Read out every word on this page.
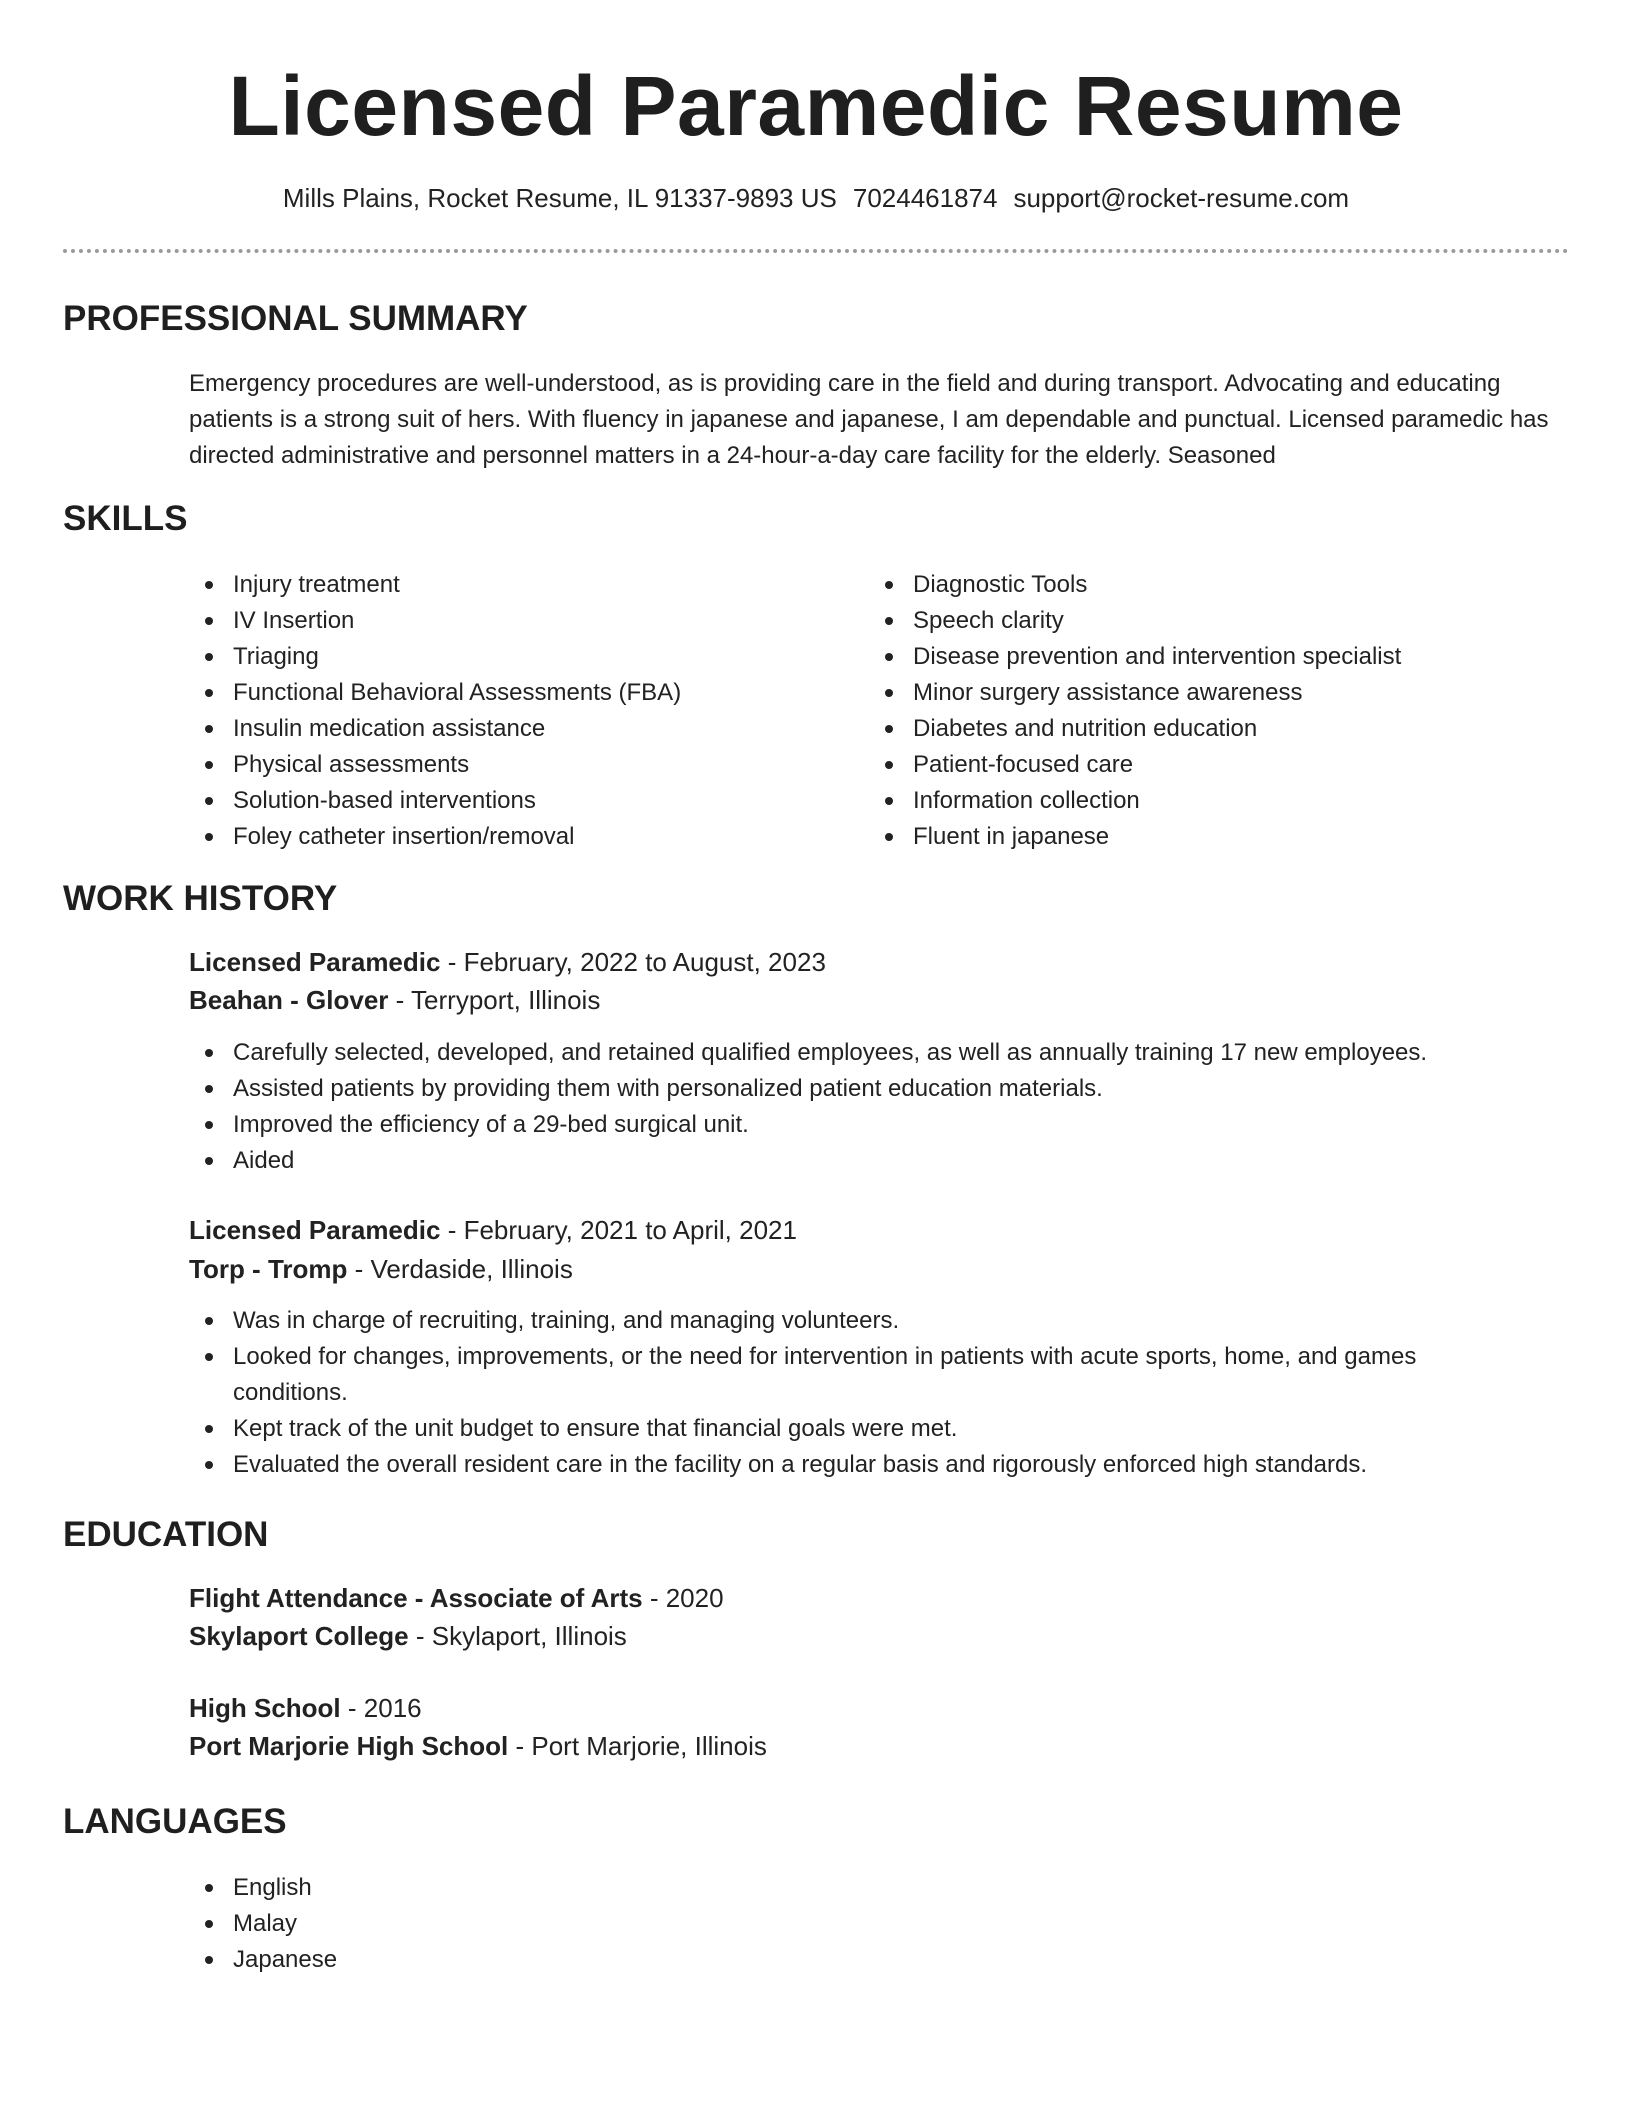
Licensed Paramedic Resume
Mills Plains, Rocket Resume, IL 91337-9893 US 7024461874 support@rocket-resume.com
PROFESSIONAL SUMMARY

Emergency procedures are well-understood, as is providing care in the field and during transport. Advocating and educating patients is a strong suit of hers. With fluency in japanese and japanese, I am dependable and punctual. Licensed paramedic has directed administrative and personnel matters in a 24-hour-a-day care facility for the elderly. Seasoned

SKILLS
Injury treatment
IV Insertion
Triaging
Functional Behavioral Assessments (FBA)
Insulin medication assistance
Physical assessments
Solution-based interventions
Foley catheter insertion/removal
Diagnostic Tools
Speech clarity
Disease prevention and intervention specialist
Minor surgery assistance awareness
Diabetes and nutrition education
Patient-focused care
Information collection
Fluent in japanese
WORK HISTORY
Licensed Paramedic - February, 2022 to August, 2023
Beahan - Glover - Terryport, Illinois
Carefully selected, developed, and retained qualified employees, as well as annually training 17 new employees.
Assisted patients by providing them with personalized patient education materials.
Improved the efficiency of a 29-bed surgical unit.
Aided
Licensed Paramedic - February, 2021 to April, 2021
Torp - Tromp - Verdaside, Illinois
Was in charge of recruiting, training, and managing volunteers.
Looked for changes, improvements, or the need for intervention in patients with acute sports, home, and games conditions.
Kept track of the unit budget to ensure that financial goals were met.
Evaluated the overall resident care in the facility on a regular basis and rigorously enforced high standards.
EDUCATION
Flight Attendance - Associate of Arts - 2020
Skylaport College - Skylaport, Illinois
High School - 2016
Port Marjorie High School - Port Marjorie, Illinois
LANGUAGES
English
Malay
Japanese
